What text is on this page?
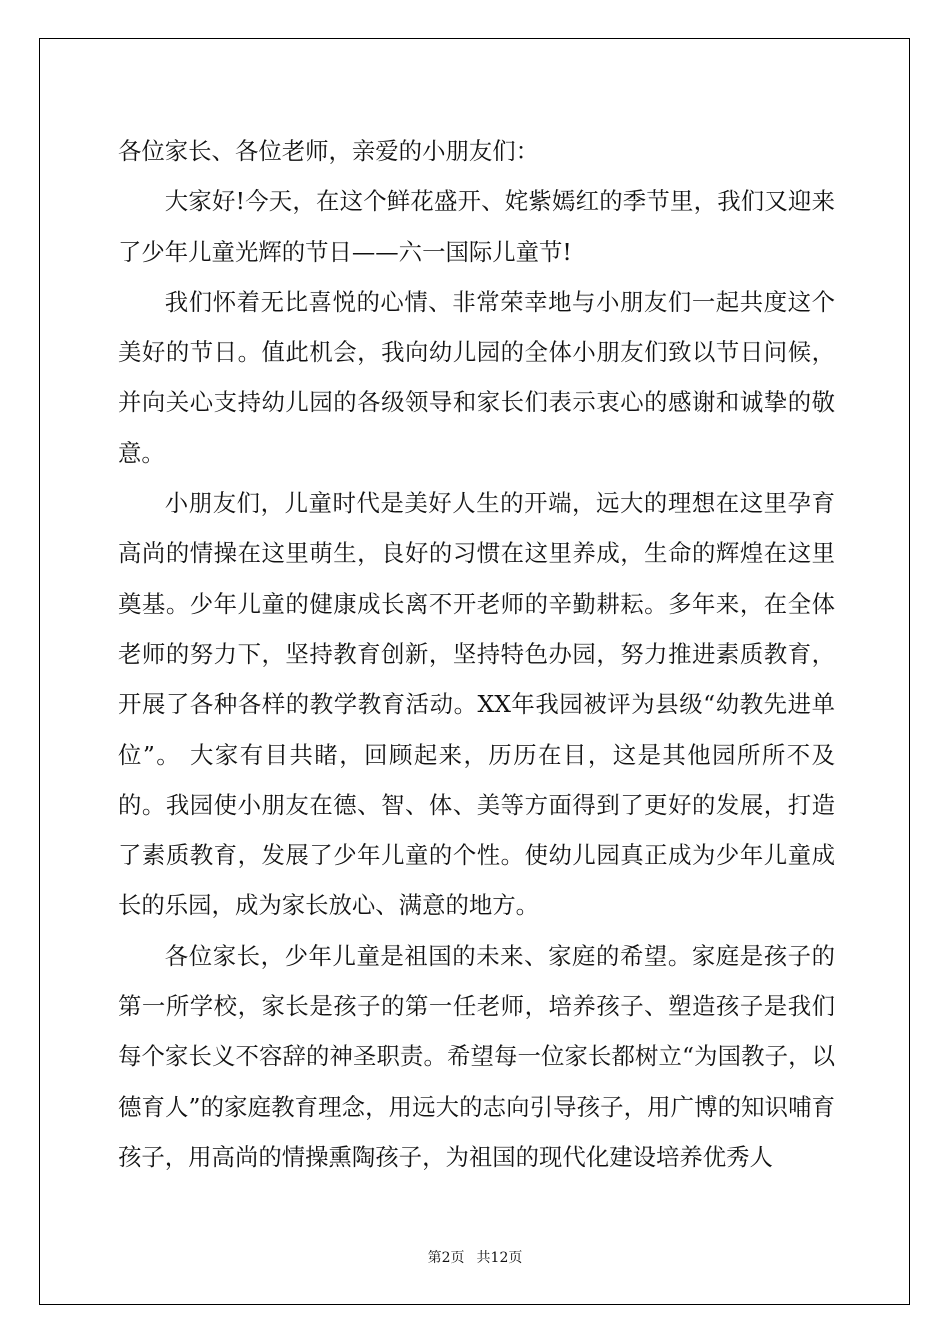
各位家长、各位老师，亲爱的小朋友们：

大家好!今天，在这个鲜花盛开、姹紫嫣红的季节里，我们又迎来了少年儿童光辉的节日——六一国际儿童节!

我们怀着无比喜悦的心情、非常荣幸地与小朋友们一起共度这个美好的节日。值此机会，我向幼儿园的全体小朋友们致以节日问候，并向关心支持幼儿园的各级领导和家长们表示衷心的感谢和诚挚的敬意。

小朋友们，儿童时代是美好人生的开端，远大的理想在这里孕育高尚的情操在这里萌生，良好的习惯在这里养成，生命的辉煌在这里奠基。少年儿童的健康成长离不开老师的辛勤耕耘。多年来，在全体老师的努力下，坚持教育创新，坚持特色办园，努力推进素质教育，开展了各种各样的教学教育活动。XX年我园被评为县级“幼教先进单位”。 大家有目共睹，回顾起来，历历在目，这是其他园所所不及的。我园使小朋友在德、智、体、美等方面得到了更好的发展，打造了素质教育，发展了少年儿童的个性。使幼儿园真正成为少年儿童成长的乐园，成为家长放心、满意的地方。

各位家长，少年儿童是祖国的未来、家庭的希望。家庭是孩子的第一所学校，家长是孩子的第一任老师，培养孩子、塑造孩子是我们每个家长义不容辞的神圣职责。希望每一位家长都树立“为国教子，以德育人”的家庭教育理念，用远大的志向引导孩子，用广博的知识哺育孩子，用高尚的情操熏陶孩子，为祖国的现代化建设培养优秀人

第2页 共12页
